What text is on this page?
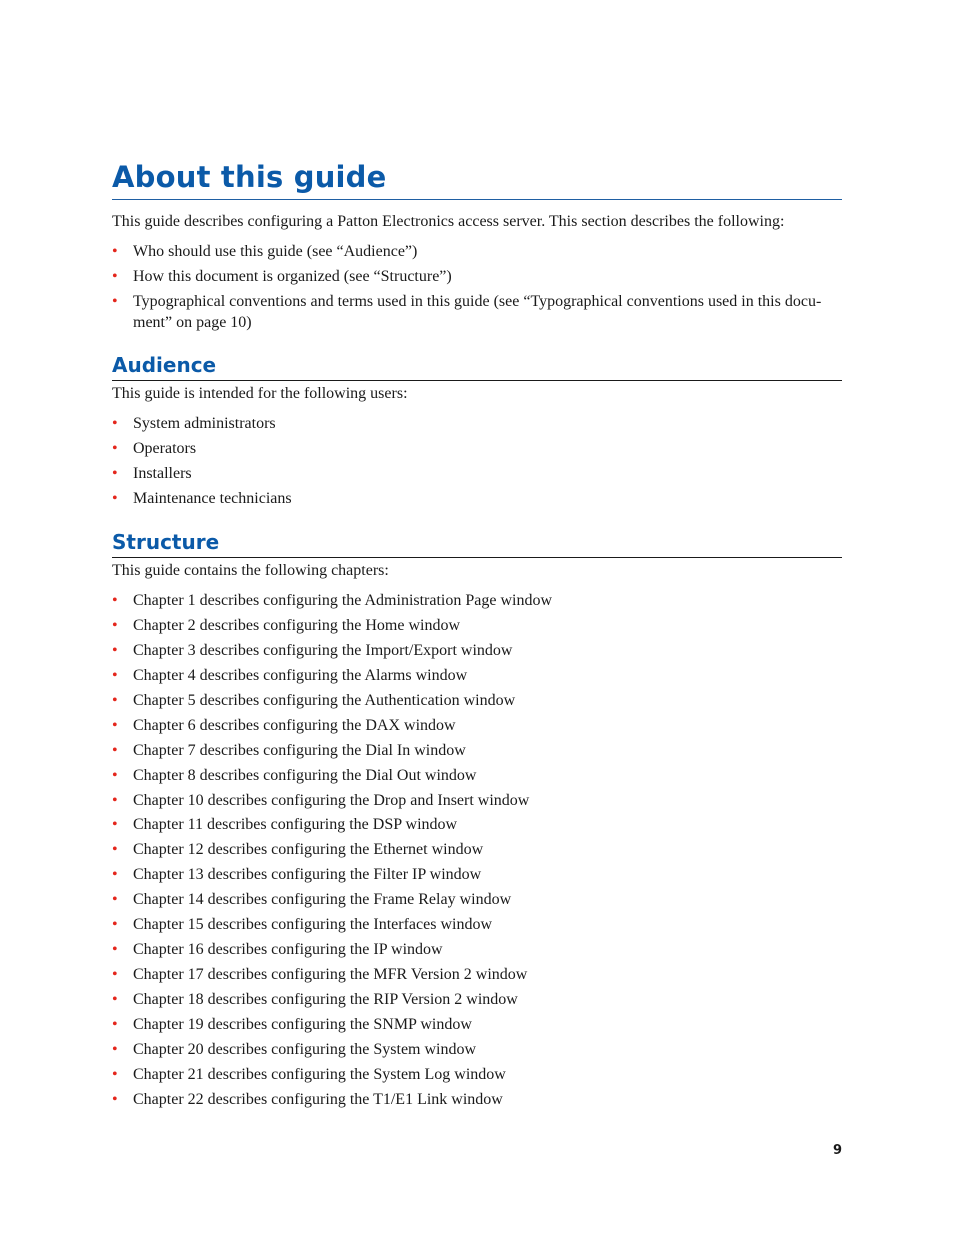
About this guide

This guide describes configuring a Patton Electronics access server. This section describes the following:

• Who should use this guide (see “Audience”)
• How this document is organized (see “Structure”)
• Typographical conventions and terms used in this guide (see “Typographical conventions used in this docu- ment” on page 10)
Audience

This guide is intended for the following users:

• System administrators
• Operators
• Installers
• Maintenance technicians
Structure

This guide contains the following chapters:

• Chapter 1 describes configuring the Administration Page window
• Chapter 2 describes configuring the Home window
• Chapter 3 describes configuring the Import/Export window
• Chapter 4 describes configuring the Alarms window
• Chapter 5 describes configuring the Authentication window
• Chapter 6 describes configuring the DAX window
• Chapter 7 describes configuring the Dial In window
• Chapter 8 describes configuring the Dial Out window
• Chapter 10 describes configuring the Drop and Insert window
• Chapter 11 describes configuring the DSP window
• Chapter 12 describes configuring the Ethernet window
• Chapter 13 describes configuring the Filter IP window
• Chapter 14 describes configuring the Frame Relay window
• Chapter 15 describes configuring the Interfaces window
• Chapter 16 describes configuring the IP window
• Chapter 17 describes configuring the MFR Version 2 window
• Chapter 18 describes configuring the RIP Version 2 window
• Chapter 19 describes configuring the SNMP window
• Chapter 20 describes configuring the System window
• Chapter 21 describes configuring the System Log window
• Chapter 22 describes configuring the T1/E1 Link window
9
